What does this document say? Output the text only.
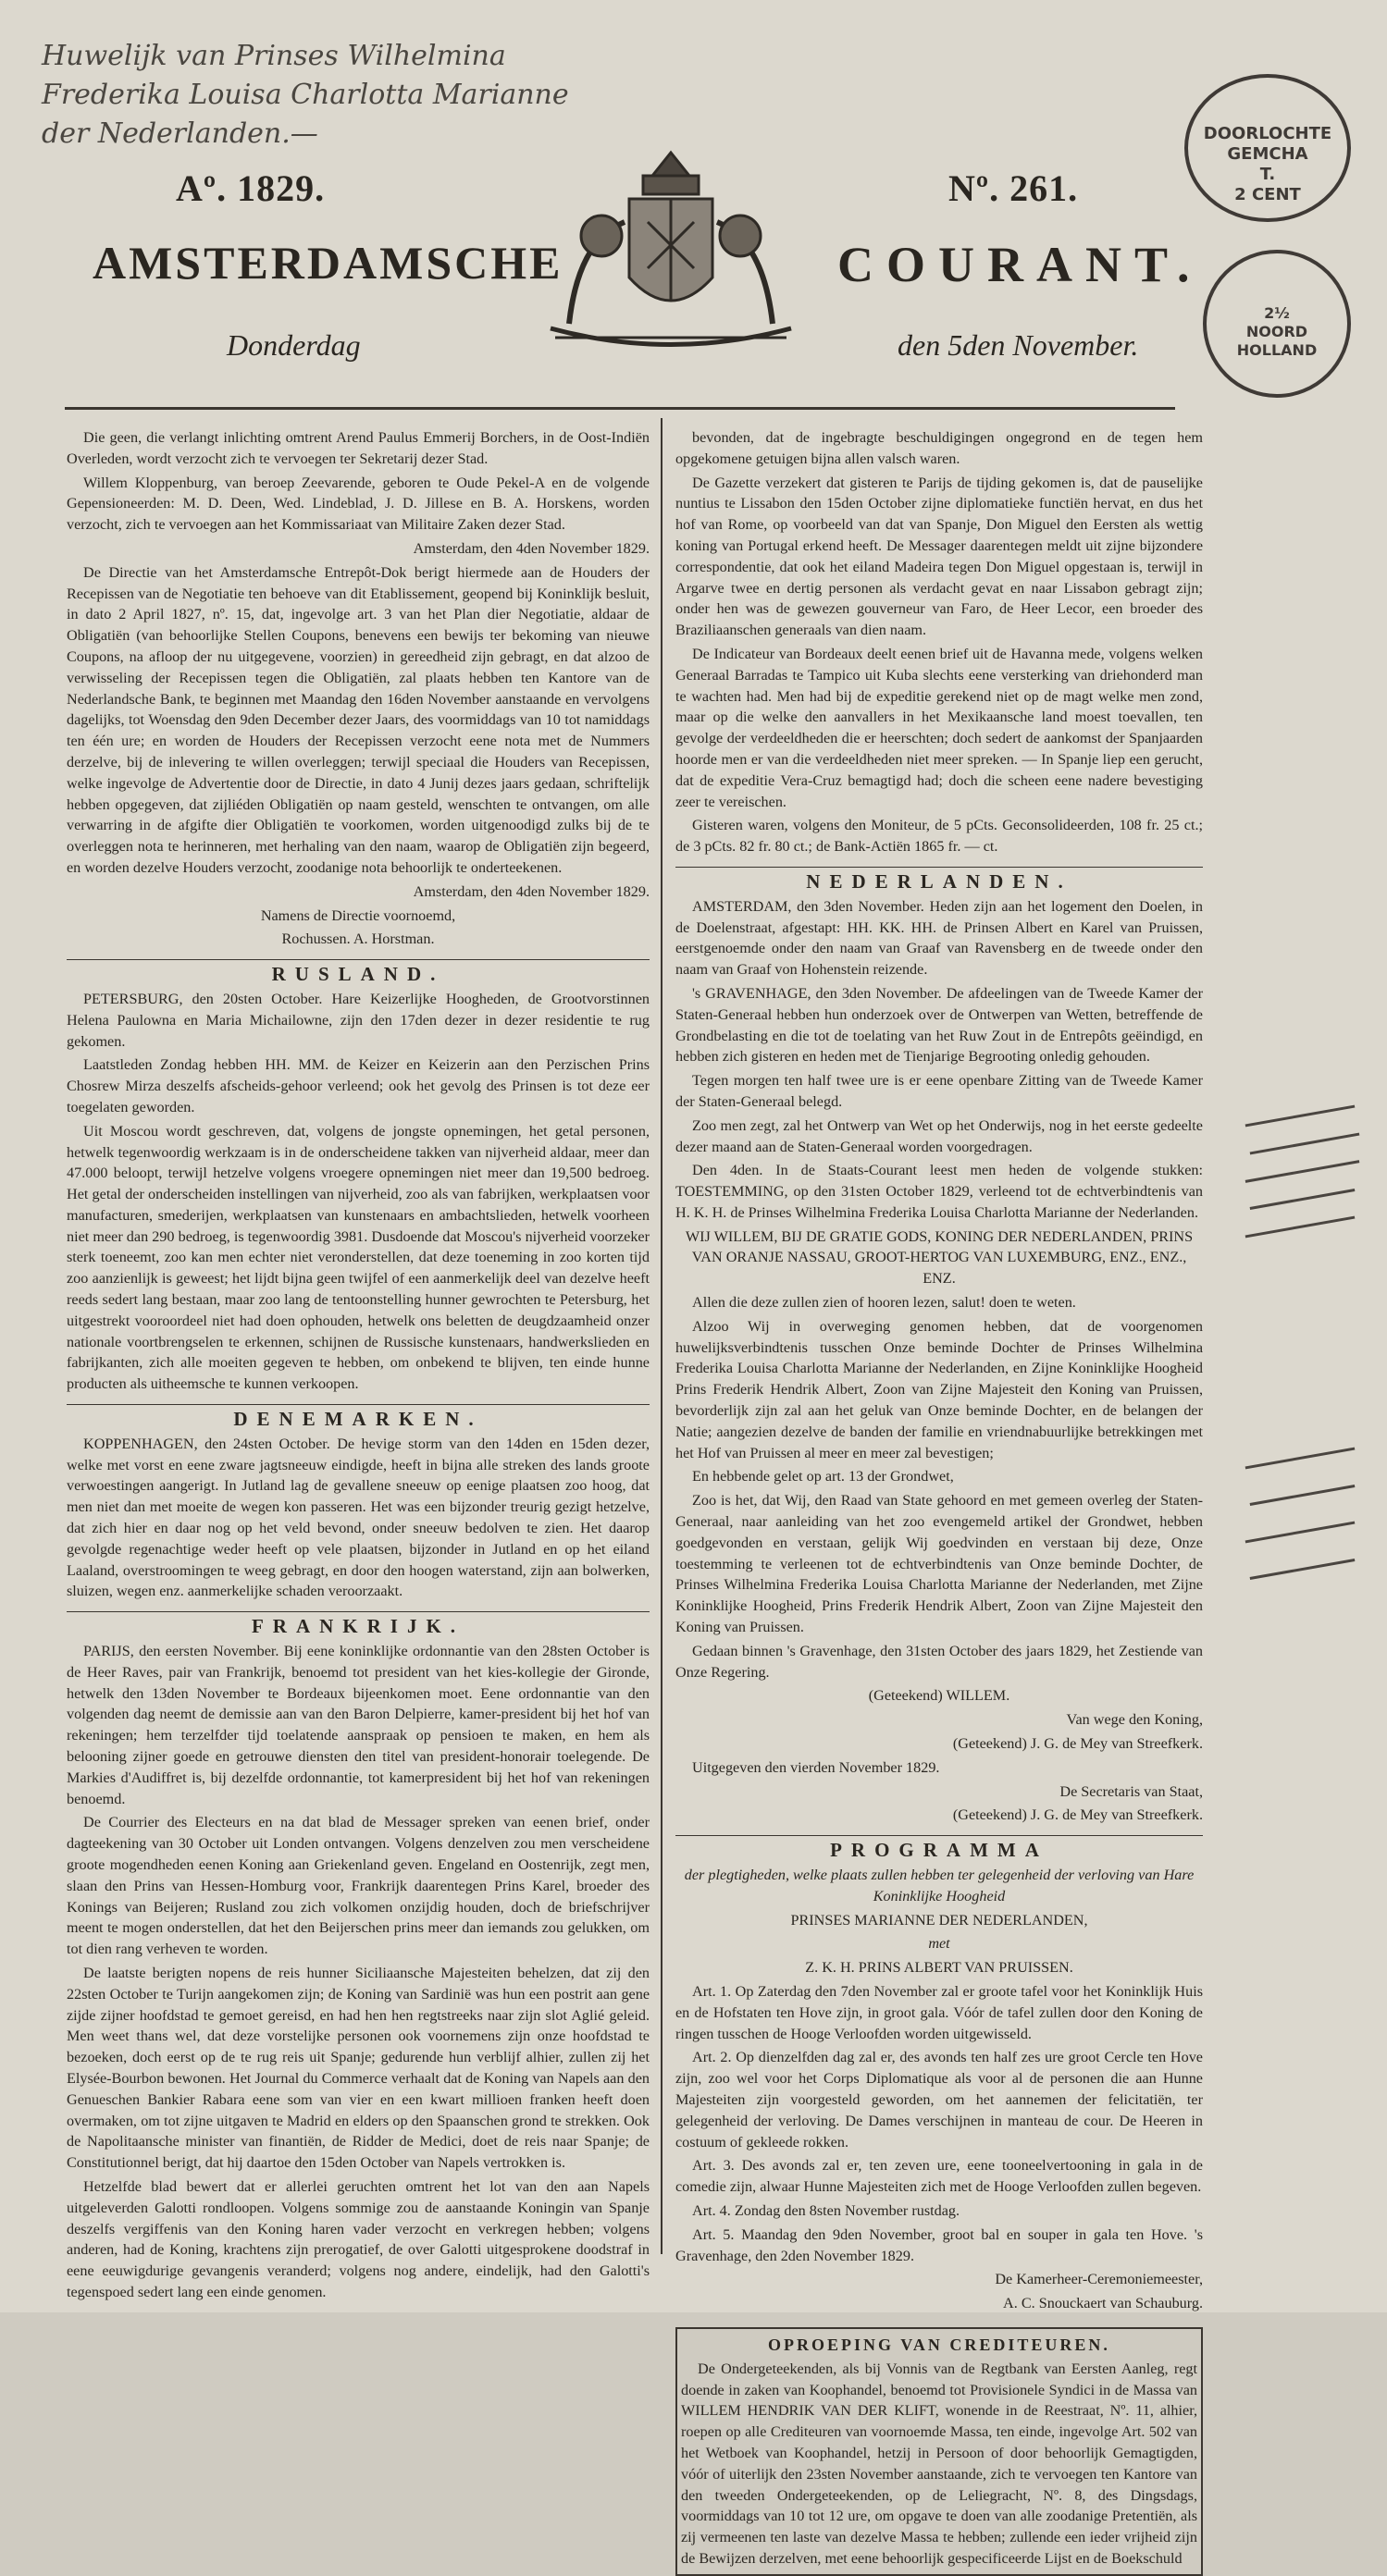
Huwelijk van Prinses Wilhelmina
Frederika Louisa Charlotta Marianne
der Nederlanden.—	DOORLOCHTE
GEMCHA
T.
2 CENT
2½
NOORD HOLLAND
Aº. 1829.	Nº. 261.
AMSTERDAMSCHE	COURANT.
Donderdag	den 5den November.

Die geen, die verlangt inlichting omtrent Arend Paulus Emmerij Borchers, in de Oost-Indiën Overleden, wordt verzocht zich te vervoegen ter Sekretarij dezer Stad.

Willem Kloppenburg, van beroep Zeevarende, geboren te Oude Pekel-A en de volgende Gepensioneerden: M. D. Deen, Wed. Lindeblad, J. D. Jillese en B. A. Horskens, worden verzocht, zich te vervoegen aan het Kommissariaat van Militaire Zaken dezer Stad.

Amsterdam, den 4den November 1829.

De Directie van het Amsterdamsche Entrepôt-Dok berigt hiermede aan de Houders der Recepissen van de Negotiatie ten behoeve van dit Etablissement, geopend bij Koninklijk besluit, in dato 2 April 1827, nº. 15, dat, ingevolge art. 3 van het Plan dier Negotiatie, aldaar de Obligatiën (van behoorlijke Stellen Coupons, benevens een bewijs ter bekoming van nieuwe Coupons, na afloop der nu uitgegevene, voorzien) in gereedheid zijn gebragt, en dat alzoo de verwisseling der Recepissen tegen die Obligatiën, zal plaats hebben ten Kantore van de Nederlandsche Bank, te beginnen met Maandag den 16den November aanstaande en vervolgens dagelijks, tot Woensdag den 9den December dezer Jaars, des voormiddags van 10 tot namiddags ten één ure; en worden de Houders der Recepissen verzocht eene nota met de Nummers derzelve, bij de inlevering te willen overleggen; terwijl speciaal die Houders van Recepissen, welke ingevolge de Advertentie door de Directie, in dato 4 Junij dezes jaars gedaan, schriftelijk hebben opgegeven, dat zijliéden Obligatiën op naam gesteld, wenschten te ontvangen, om alle verwarring in de afgifte dier Obligatiën te voorkomen, worden uitgenoodigd zulks bij de te overleggen nota te herinneren, met herhaling van den naam, waarop de Obligatiën zijn begeerd, en worden dezelve Houders verzocht, zoodanige nota behoorlijk te onderteekenen.

Amsterdam, den 4den November 1829.

Namens de Directie voornoemd,

Rochussen. A. Horstman.

RUSLAND.

PETERSBURG, den 20sten October. Hare Keizerlijke Hoogheden, de Grootvorstinnen Helena Paulowna en Maria Michailowne, zijn den 17den dezer in dezer residentie te rug gekomen.

Laatstleden Zondag hebben HH. MM. de Keizer en Keizerin aan den Perzischen Prins Chosrew Mirza deszelfs afscheids-gehoor verleend; ook het gevolg des Prinsen is tot deze eer toegelaten geworden.

Uit Moscou wordt geschreven, dat, volgens de jongste opnemingen, het getal personen, hetwelk tegenwoordig werkzaam is in de onderscheidene takken van nijverheid aldaar, meer dan 47.000 beloopt, terwijl hetzelve volgens vroegere opnemingen niet meer dan 19,500 bedroeg. Het getal der onderscheiden instellingen van nijverheid, zoo als van fabrijken, werkplaatsen voor manufacturen, smederijen, werkplaatsen van kunstenaars en ambachtslieden, hetwelk voorheen niet meer dan 290 bedroeg, is tegenwoordig 3981. Dusdoende dat Moscou's nijverheid voorzeker sterk toeneemt, zoo kan men echter niet veronderstellen, dat deze toeneming in zoo korten tijd zoo aanzienlijk is geweest; het lijdt bijna geen twijfel of een aanmerkelijk deel van dezelve heeft reeds sedert lang bestaan, maar zoo lang de tentoonstelling hunner gewrochten te Petersburg, het uitgestrekt vooroordeel niet had doen ophouden, hetwelk ons beletten de deugdzaamheid onzer nationale voortbrengselen te erkennen, schijnen de Russische kunstenaars, handwerkslieden en fabrijkanten, zich alle moeiten gegeven te hebben, om onbekend te blijven, ten einde hunne producten als uitheemsche te kunnen verkoopen.

DENEMARKEN.

KOPPENHAGEN, den 24sten October. De hevige storm van den 14den en 15den dezer, welke met vorst en eene zware jagtsneeuw eindigde, heeft in bijna alle streken des lands groote verwoestingen aangerigt. In Jutland lag de gevallene sneeuw op eenige plaatsen zoo hoog, dat men niet dan met moeite de wegen kon passeren. Het was een bijzonder treurig gezigt hetzelve, dat zich hier en daar nog op het veld bevond, onder sneeuw bedolven te zien. Het daarop gevolgde regenachtige weder heeft op vele plaatsen, bijzonder in Jutland en op het eiland Laaland, overstroomingen te weeg gebragt, en door den hoogen waterstand, zijn aan bolwerken, sluizen, wegen enz. aanmerkelijke schaden veroorzaakt.

FRANKRIJK.

PARIJS, den eersten November. Bij eene koninklijke ordonnantie van den 28sten October is de Heer Raves, pair van Frankrijk, benoemd tot president van het kies-kollegie der Gironde, hetwelk den 13den November te Bordeaux bijeenkomen moet. Eene ordonnantie van den volgenden dag neemt de demissie aan van den Baron Delpierre, kamer-president bij het hof van rekeningen; hem terzelfder tijd toelatende aanspraak op pensioen te maken, en hem als belooning zijner goede en getrouwe diensten den titel van president-honorair toelegende. De Markies d'Audiffret is, bij dezelfde ordonnantie, tot kamerpresident bij het hof van rekeningen benoemd.

De Courrier des Electeurs en na dat blad de Messager spreken van eenen brief, onder dagteekening van 30 October uit Londen ontvangen. Volgens denzelven zou men verscheidene groote mogendheden eenen Koning aan Griekenland geven. Engeland en Oostenrijk, zegt men, slaan den Prins van Hessen-Homburg voor, Frankrijk daarentegen Prins Karel, broeder des Konings van Beijeren; Rusland zou zich volkomen onzijdig houden, doch de briefschrijver meent te mogen onderstellen, dat het den Beijerschen prins meer dan iemands zou gelukken, om tot dien rang verheven te worden.

De laatste berigten nopens de reis hunner Siciliaansche Majesteiten behelzen, dat zij den 22sten October te Turijn aangekomen zijn; de Koning van Sardinië was hun een postrit aan gene zijde zijner hoofdstad te gemoet gereisd, en had hen hen regtstreeks naar zijn slot Aglié geleid. Men weet thans wel, dat deze vorstelijke personen ook voornemens zijn onze hoofdstad te bezoeken, doch eerst op de te rug reis uit Spanje; gedurende hun verblijf alhier, zullen zij het Elysée-Bourbon bewonen. Het Journal du Commerce verhaalt dat de Koning van Napels aan den Genueschen Bankier Rabara eene som van vier en een kwart millioen franken heeft doen overmaken, om tot zijne uitgaven te Madrid en elders op den Spaanschen grond te strekken. Ook de Napolitaansche minister van finantiën, de Ridder de Medici, doet de reis naar Spanje; de Constitutionnel berigt, dat hij daartoe den 15den October van Napels vertrokken is.

Hetzelfde blad bewert dat er allerlei geruchten omtrent het lot van den aan Napels uitgeleverden Galotti rondloopen. Volgens sommige zou de aanstaande Koningin van Spanje deszelfs vergiffenis van den Koning haren vader verzocht en verkregen hebben; volgens anderen, had de Koning, krachtens zijn prerogatief, de over Galotti uitgesprokene doodstraf in eene eeuwigdurige gevangenis veranderd; volgens nog andere, eindelijk, had den Galotti's tegenspoed sedert lang een einde genomen.

bevonden, dat de ingebragte beschuldigingen ongegrond en de tegen hem opgekomene getuigen bijna allen valsch waren.

De Gazette verzekert dat gisteren te Parijs de tijding gekomen is, dat de pauselijke nuntius te Lissabon den 15den October zijne diplomatieke functiën hervat, en dus het hof van Rome, op voorbeeld van dat van Spanje, Don Miguel den Eersten als wettig koning van Portugal erkend heeft. De Messager daarentegen meldt uit zijne bijzondere correspondentie, dat ook het eiland Madeira tegen Don Miguel opgestaan is, terwijl in Argarve twee en dertig personen als verdacht gevat en naar Lissabon gebragt zijn; onder hen was de gewezen gouverneur van Faro, de Heer Lecor, een broeder des Braziliaanschen generaals van dien naam.

De Indicateur van Bordeaux deelt eenen brief uit de Havanna mede, volgens welken Generaal Barradas te Tampico uit Kuba slechts eene versterking van driehonderd man te wachten had. Men had bij de expeditie gerekend niet op de magt welke men zond, maar op die welke den aanvallers in het Mexikaansche land moest toevallen, ten gevolge der verdeeldheden die er heerschten; doch sedert de aankomst der Spanjaarden hoorde men er van die verdeeldheden niet meer spreken. — In Spanje liep een gerucht, dat de expeditie Vera-Cruz bemagtigd had; doch die scheen eene nadere bevestiging zeer te vereischen.

Gisteren waren, volgens den Moniteur, de 5 pCts. Geconsolideerden, 108 fr. 25 ct.; de 3 pCts. 82 fr. 80 ct.; de Bank-Actiën 1865 fr. — ct.

NEDERLANDEN.

AMSTERDAM, den 3den November. Heden zijn aan het logement den Doelen, in de Doelenstraat, afgestapt: HH. KK. HH. de Prinsen Albert en Karel van Pruissen, eerstgenoemde onder den naam van Graaf van Ravensberg en de tweede onder den naam van Graaf von Hohenstein reizende.

's GRAVENHAGE, den 3den November. De afdeelingen van de Tweede Kamer der Staten-Generaal hebben hun onderzoek over de Ontwerpen van Wetten, betreffende de Grondbelasting en die tot de toelating van het Ruw Zout in de Entrepôts geëindigd, en hebben zich gisteren en heden met de Tienjarige Begrooting onledig gehouden.

Tegen morgen ten half twee ure is er eene openbare Zitting van de Tweede Kamer der Staten-Generaal belegd.

Zoo men zegt, zal het Ontwerp van Wet op het Onderwijs, nog in het eerste gedeelte dezer maand aan de Staten-Generaal worden voorgedragen.

Den 4den. In de Staats-Courant leest men heden de volgende stukken: TOESTEMMING, op den 31sten October 1829, verleend tot de echtverbindtenis van H. K. H. de Prinses Wilhelmina Frederika Louisa Charlotta Marianne der Nederlanden.

WIJ WILLEM, BIJ DE GRATIE GODS, KONING DER NEDERLANDEN, PRINS VAN ORANJE NASSAU, GROOT-HERTOG VAN LUXEMBURG, ENZ., ENZ., ENZ.

Allen die deze zullen zien of hooren lezen, salut! doen te weten.

Alzoo Wij in overweging genomen hebben, dat de voorgenomen huwelijksverbindtenis tusschen Onze beminde Dochter de Prinses Wilhelmina Frederika Louisa Charlotta Marianne der Nederlanden, en Zijne Koninklijke Hoogheid Prins Frederik Hendrik Albert, Zoon van Zijne Majesteit den Koning van Pruissen, bevorderlijk zijn zal aan het geluk van Onze beminde Dochter, en de belangen der Natie; aangezien dezelve de banden der familie en vriendnabuurlijke betrekkingen met het Hof van Pruissen al meer en meer zal bevestigen;

En hebbende gelet op art. 13 der Grondwet,

Zoo is het, dat Wij, den Raad van State gehoord en met gemeen overleg der Staten-Generaal, naar aanleiding van het zoo evengemeld artikel der Grondwet, hebben goedgevonden en verstaan, gelijk Wij goedvinden en verstaan bij deze, Onze toestemming te verleenen tot de echtverbindtenis van Onze beminde Dochter, de Prinses Wilhelmina Frederika Louisa Charlotta Marianne der Nederlanden, met Zijne Koninklijke Hoogheid, Prins Frederik Hendrik Albert, Zoon van Zijne Majesteit den Koning van Pruissen.

Gedaan binnen 's Gravenhage, den 31sten October des jaars 1829, het Zestiende van Onze Regering.

(Geteekend) WILLEM.

Van wege den Koning,

(Geteekend) J. G. de Mey van Streefkerk.

Uitgegeven den vierden November 1829.

De Secretaris van Staat,

(Geteekend) J. G. de Mey van Streefkerk.

PROGRAMMA

der plegtigheden, welke plaats zullen hebben ter gelegenheid der verloving van Hare Koninklijke Hoogheid

PRINSES MARIANNE DER NEDERLANDEN,

met

Z. K. H. PRINS ALBERT VAN PRUISSEN.

Art. 1. Op Zaterdag den 7den November zal er groote tafel voor het Koninklijk Huis en de Hofstaten ten Hove zijn, in groot gala. Vóór de tafel zullen door den Koning de ringen tusschen de Hooge Verloofden worden uitgewisseld.

Art. 2. Op dienzelfden dag zal er, des avonds ten half zes ure groot Cercle ten Hove zijn, zoo wel voor het Corps Diplomatique als voor al de personen die aan Hunne Majesteiten zijn voorgesteld geworden, om het aannemen der felicitatiën, ter gelegenheid der verloving. De Dames verschijnen in manteau de cour. De Heeren in costuum of gekleede rokken.

Art. 3. Des avonds zal er, ten zeven ure, eene tooneelvertooning in gala in de comedie zijn, alwaar Hunne Majesteiten zich met de Hooge Verloofden zullen begeven.

Art. 4. Zondag den 8sten November rustdag.

Art. 5. Maandag den 9den November, groot bal en souper in gala ten Hove. 's Gravenhage, den 2den November 1829.

De Kamerheer-Ceremoniemeester,

A. C. Snouckaert van Schauburg.

OPROEPING VAN CREDITEUREN.

De Ondergeteekenden, als bij Vonnis van de Regtbank van Eersten Aanleg, regt doende in zaken van Koophandel, benoemd tot Provisionele Syndici in de Massa van WILLEM HENDRIK VAN DER KLIFT, wonende in de Reestraat, Nº. 11, alhier, roepen op alle Crediteuren van voornoemde Massa, ten einde, ingevolge Art. 502 van het Wetboek van Koophandel, hetzij in Persoon of door behoorlijk Gemagtigden, vóór of uiterlijk den 23sten November aanstaande, zich te vervoegen ten Kantore van den tweeden Ondergeteekenden, op de Leliegracht, Nº. 8, des Dingsdags, voormiddags van 10 tot 12 ure, om opgave te doen van alle zoodanige Pretentiën, als zij vermeenen ten laste van dezelve Massa te hebben; zullende een ieder vrijheid zijn de Bewijzen derzelven, met eene behoorlijk gespecificeerde Lijst en de Boekschuld
